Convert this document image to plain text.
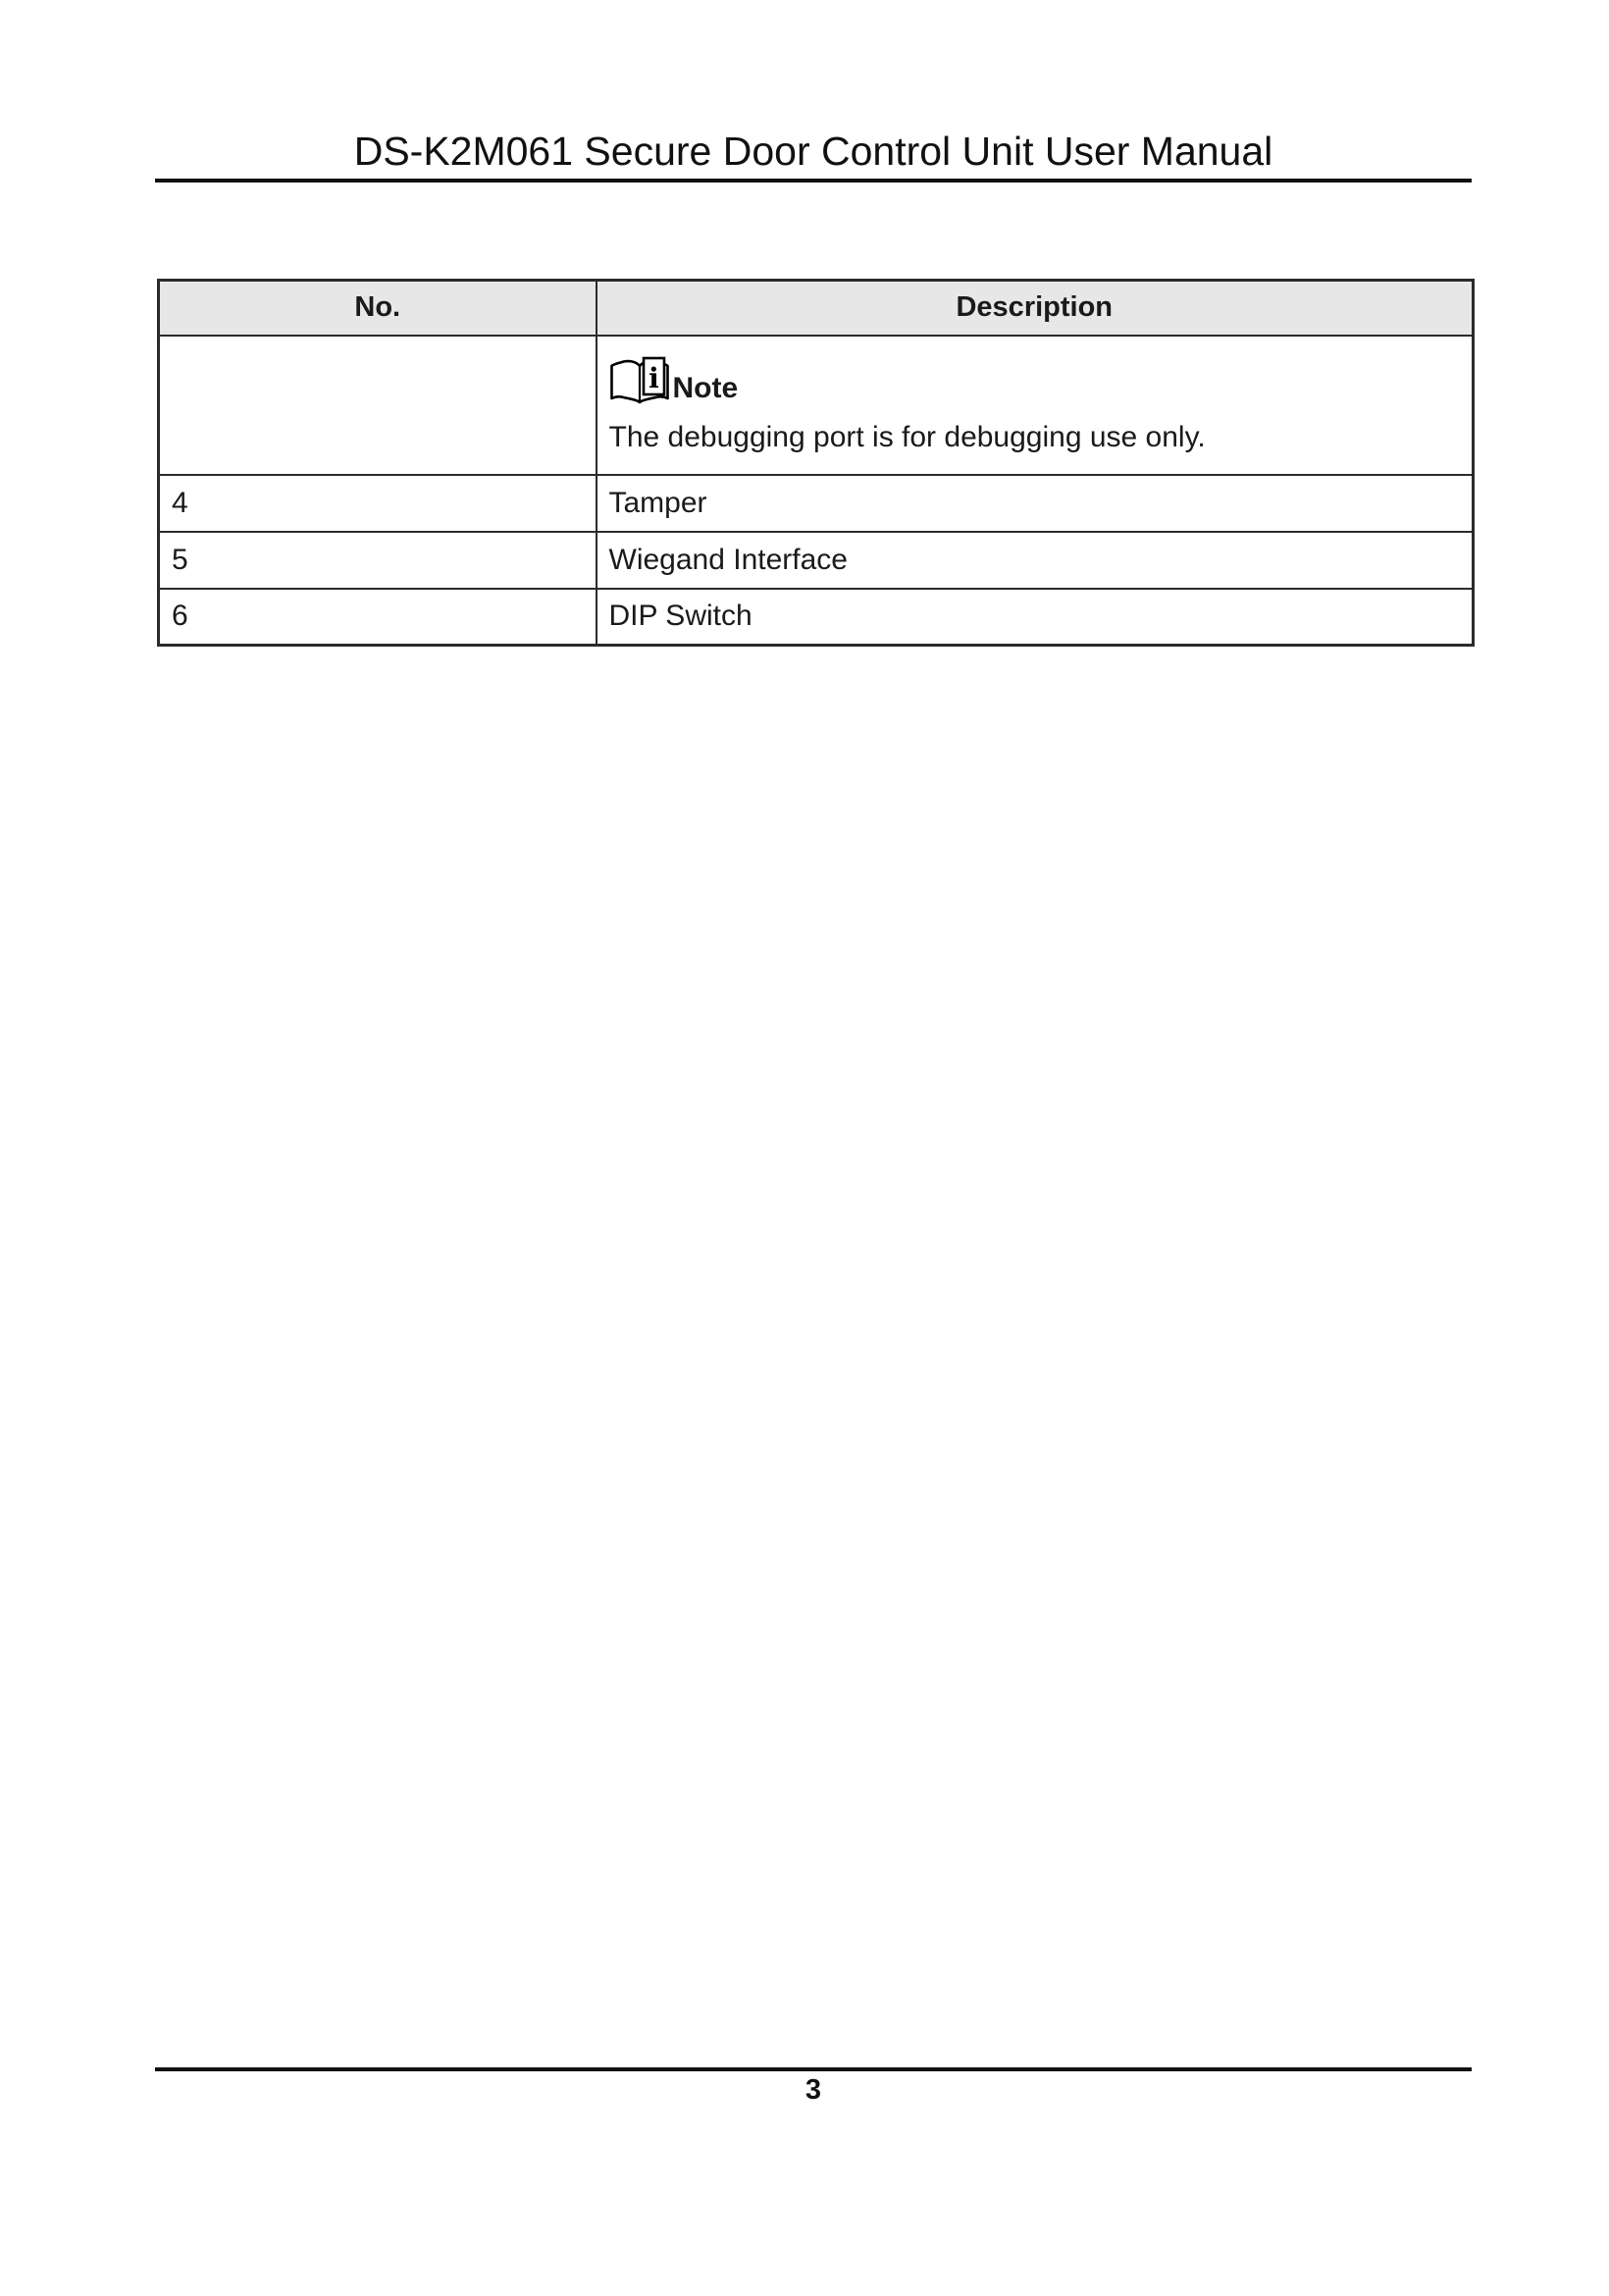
DS-K2M061 Secure Door Control Unit User Manual
No.	Description

i Note
The debugging port is for debugging use only.

4	Tamper
5	Wiegand Interface
6	DIP Switch
3
